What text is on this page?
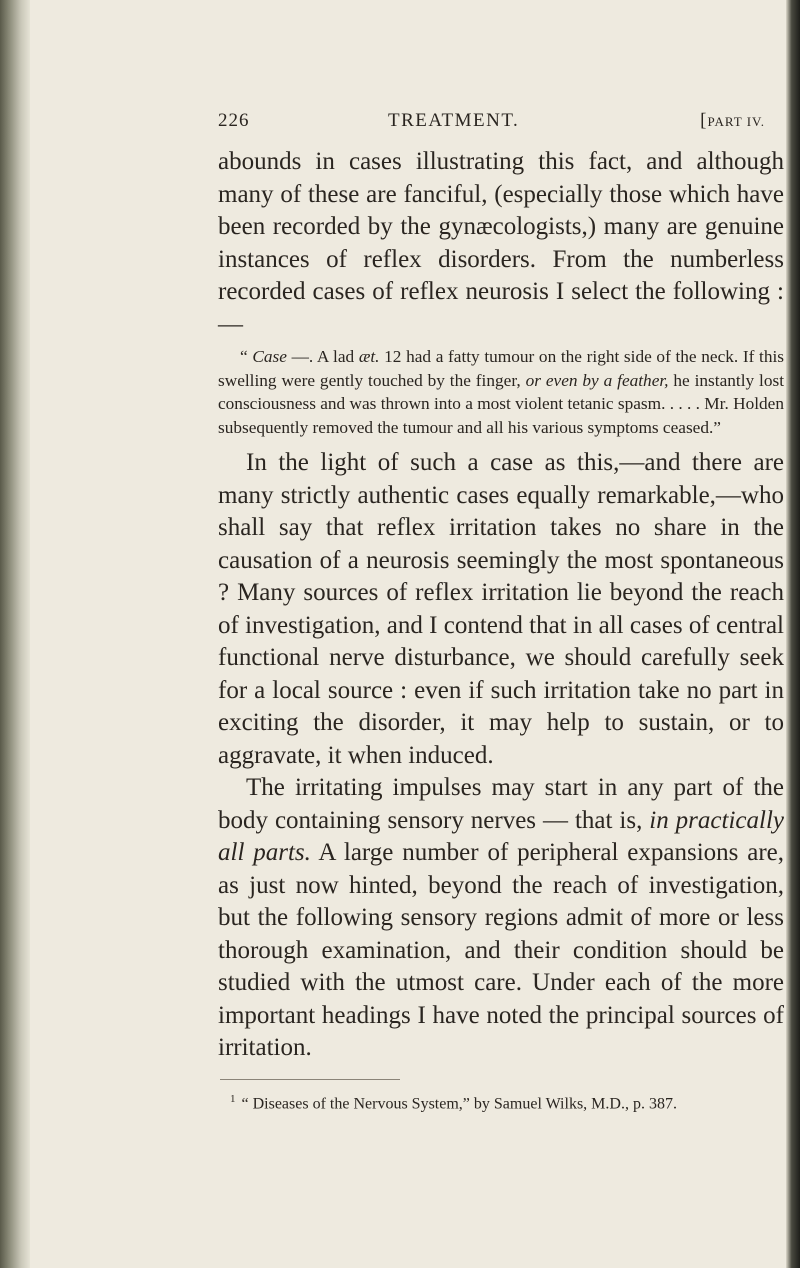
226	TREATMENT.	[PART IV.

abounds in cases illustrating this fact, and although many of these are fanciful, (especially those which have been recorded by the gynæcologists,) many are genuine instances of reflex disorders. From the numberless recorded cases of reflex neurosis I select the following :—

“ Case —. A lad æt. 12 had a fatty tumour on the right side of the neck. If this swelling were gently touched by the finger, or even by a feather, he instantly lost consciousness and was thrown into a most violent tetanic spasm. . . . . Mr. Holden subsequently removed the tumour and all his various symptoms ceased.”

In the light of such a case as this,—and there are many strictly authentic cases equally remarkable,—who shall say that reflex irritation takes no share in the causation of a neurosis seemingly the most spontaneous ? Many sources of reflex irritation lie beyond the reach of investigation, and I contend that in all cases of central functional nerve disturbance, we should carefully seek for a local source : even if such irritation take no part in exciting the disorder, it may help to sustain, or to aggravate, it when induced.

The irritating impulses may start in any part of the body containing sensory nerves — that is, in practically all parts. A large number of peripheral expansions are, as just now hinted, beyond the reach of investigation, but the following sensory regions admit of more or less thorough examination, and their condition should be studied with the utmost care. Under each of the more important headings I have noted the principal sources of irritation.

$^1$ “ Diseases of the Nervous System,” by Samuel Wilks, M.D., p. 387.
